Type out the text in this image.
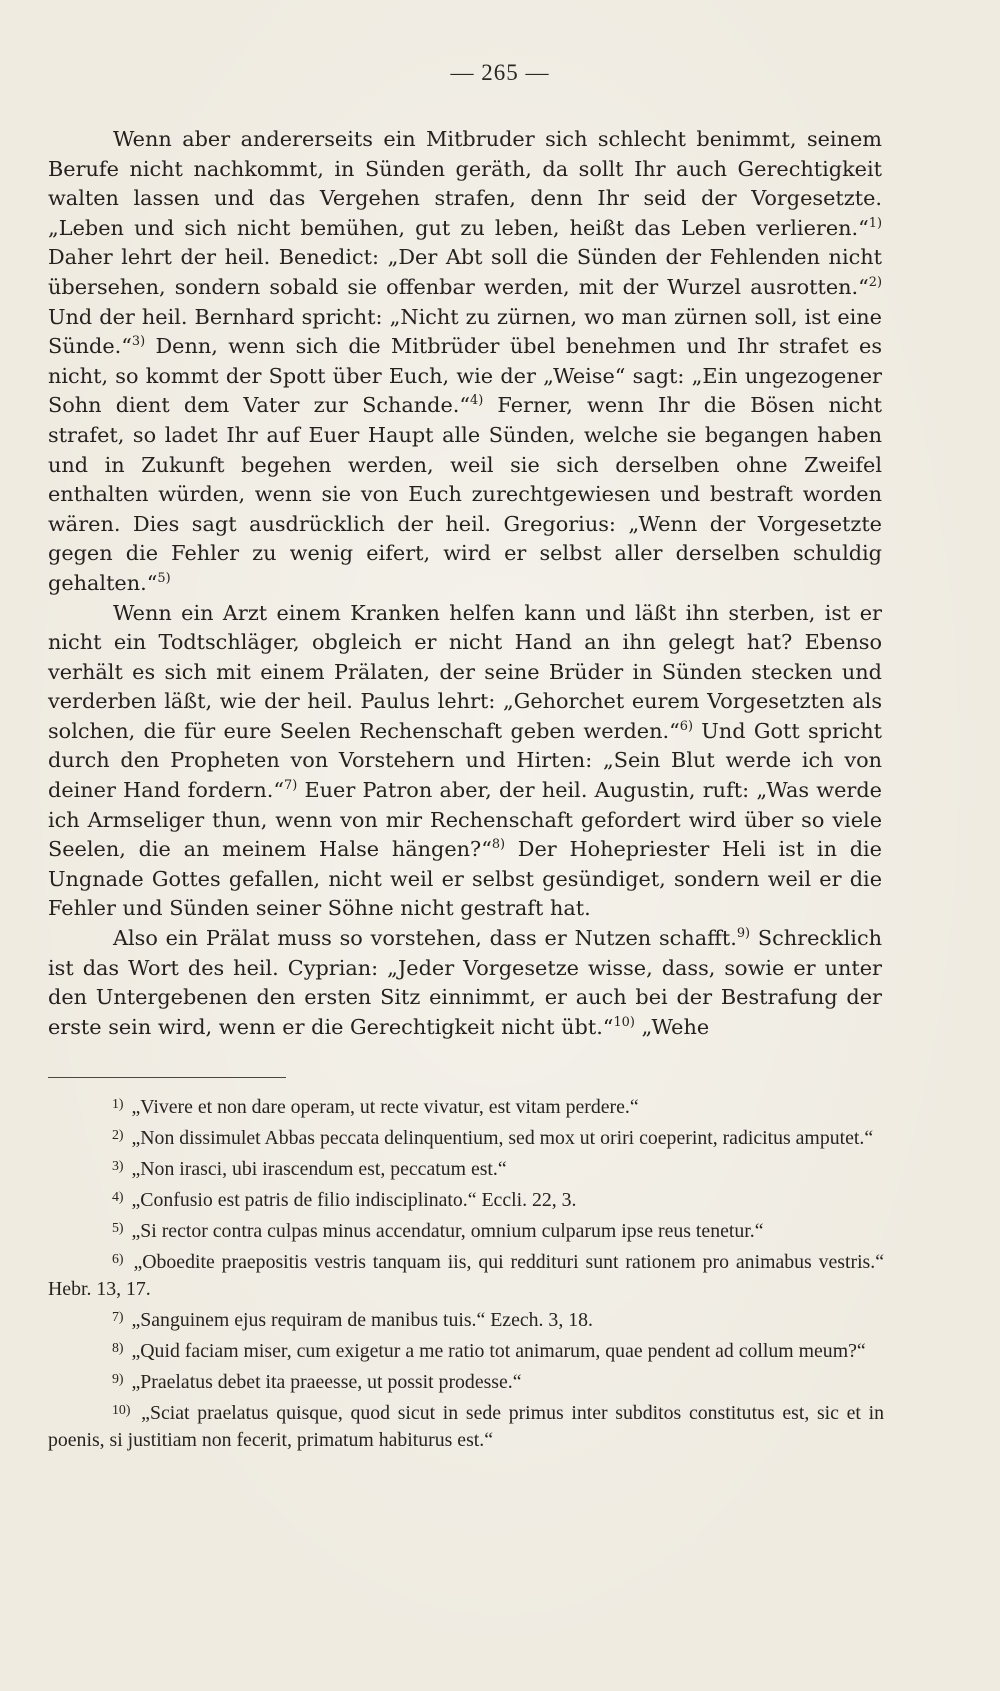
— 265 —

Wenn aber andererseits ein Mitbruder sich schlecht benimmt, seinem Berufe nicht nachkommt, in Sünden geräth, da sollt Ihr auch Gerechtigkeit walten lassen und das Vergehen strafen, denn Ihr seid der Vorgesetzte. „Leben und sich nicht bemühen, gut zu leben, heißt das Leben verlieren.“$^{1)}$ Daher lehrt der heil. Benedict: „Der Abt soll die Sünden der Fehlenden nicht übersehen, sondern sobald sie offenbar werden, mit der Wurzel ausrotten.“$^{2)}$ Und der heil. Bernhard spricht: „Nicht zu zürnen, wo man zürnen soll, ist eine Sünde.“$^{3)}$ Denn, wenn sich die Mitbrüder übel benehmen und Ihr strafet es nicht, so kommt der Spott über Euch, wie der „Weise“ sagt: „Ein ungezogener Sohn dient dem Vater zur Schande.“$^{4)}$ Ferner, wenn Ihr die Bösen nicht strafet, so ladet Ihr auf Euer Haupt alle Sünden, welche sie begangen haben und in Zukunft begehen werden, weil sie sich derselben ohne Zweifel enthalten würden, wenn sie von Euch zurechtgewiesen und bestraft worden wären. Dies sagt ausdrücklich der heil. Gregorius: „Wenn der Vorgesetzte gegen die Fehler zu wenig eifert, wird er selbst aller derselben schuldig gehalten.“$^{5)}$

Wenn ein Arzt einem Kranken helfen kann und läßt ihn sterben, ist er nicht ein Todtschläger, obgleich er nicht Hand an ihn gelegt hat? Ebenso verhält es sich mit einem Prälaten, der seine Brüder in Sünden stecken und verderben läßt, wie der heil. Paulus lehrt: „Gehorchet eurem Vorgesetzten als solchen, die für eure Seelen Rechenschaft geben werden.“$^{6)}$ Und Gott spricht durch den Propheten von Vorstehern und Hirten: „Sein Blut werde ich von deiner Hand fordern.“$^{7)}$ Euer Patron aber, der heil. Augustin, ruft: „Was werde ich Armseliger thun, wenn von mir Rechenschaft gefordert wird über so viele Seelen, die an meinem Halse hängen?“$^{8)}$ Der Hohepriester Heli ist in die Ungnade Gottes gefallen, nicht weil er selbst gesündiget, sondern weil er die Fehler und Sünden seiner Söhne nicht gestraft hat.

Also ein Prälat muss so vorstehen, dass er Nutzen schafft.$^{9)}$ Schrecklich ist das Wort des heil. Cyprian: „Jeder Vorgesetze wisse, dass, sowie er unter den Untergebenen den ersten Sitz einnimmt, er auch bei der Bestrafung der erste sein wird, wenn er die Gerechtigkeit nicht übt.“$^{10)}$ „Wehe

$^{1)}$ „Vivere et non dare operam, ut recte vivatur, est vitam perdere.“

$^{2)}$ „Non dissimulet Abbas peccata delinquentium, sed mox ut oriri coeperint, radicitus amputet.“

$^{3)}$ „Non irasci, ubi irascendum est, peccatum est.“

$^{4)}$ „Confusio est patris de filio indisciplinato.“ Eccli. 22, 3.

$^{5)}$ „Si rector contra culpas minus accendatur, omnium culparum ipse reus tenetur.“

$^{6)}$ „Oboedite praepositis vestris tanquam iis, qui reddituri sunt rationem pro animabus vestris.“ Hebr. 13, 17.

$^{7)}$ „Sanguinem ejus requiram de manibus tuis.“ Ezech. 3, 18.

$^{8)}$ „Quid faciam miser, cum exigetur a me ratio tot animarum, quae pendent ad collum meum?“

$^{9)}$ „Praelatus debet ita praeesse, ut possit prodesse.“

$^{10)}$ „Sciat praelatus quisque, quod sicut in sede primus inter subditos constitutus est, sic et in poenis, si justitiam non fecerit, primatum habiturus est.“
